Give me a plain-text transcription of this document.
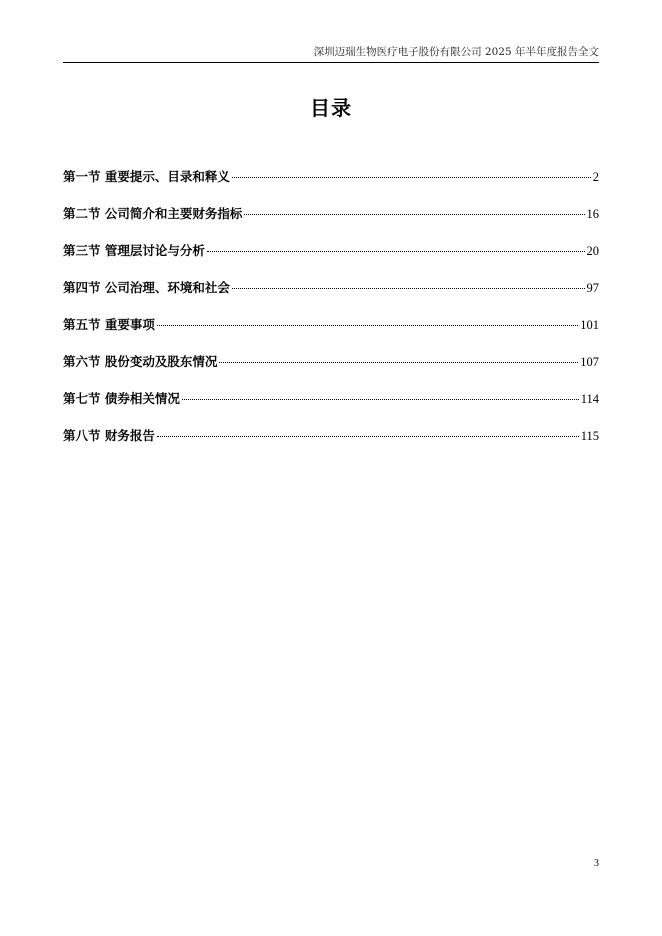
深圳迈瑞生物医疗电子股份有限公司 2025 年半年度报告全文
目录
第一节 重要提示、目录和释义	2
第二节 公司简介和主要财务指标	16
第三节 管理层讨论与分析	20
第四节 公司治理、环境和社会	97
第五节 重要事项	101
第六节 股份变动及股东情况	107
第七节 债券相关情况	114
第八节 财务报告	115
3
